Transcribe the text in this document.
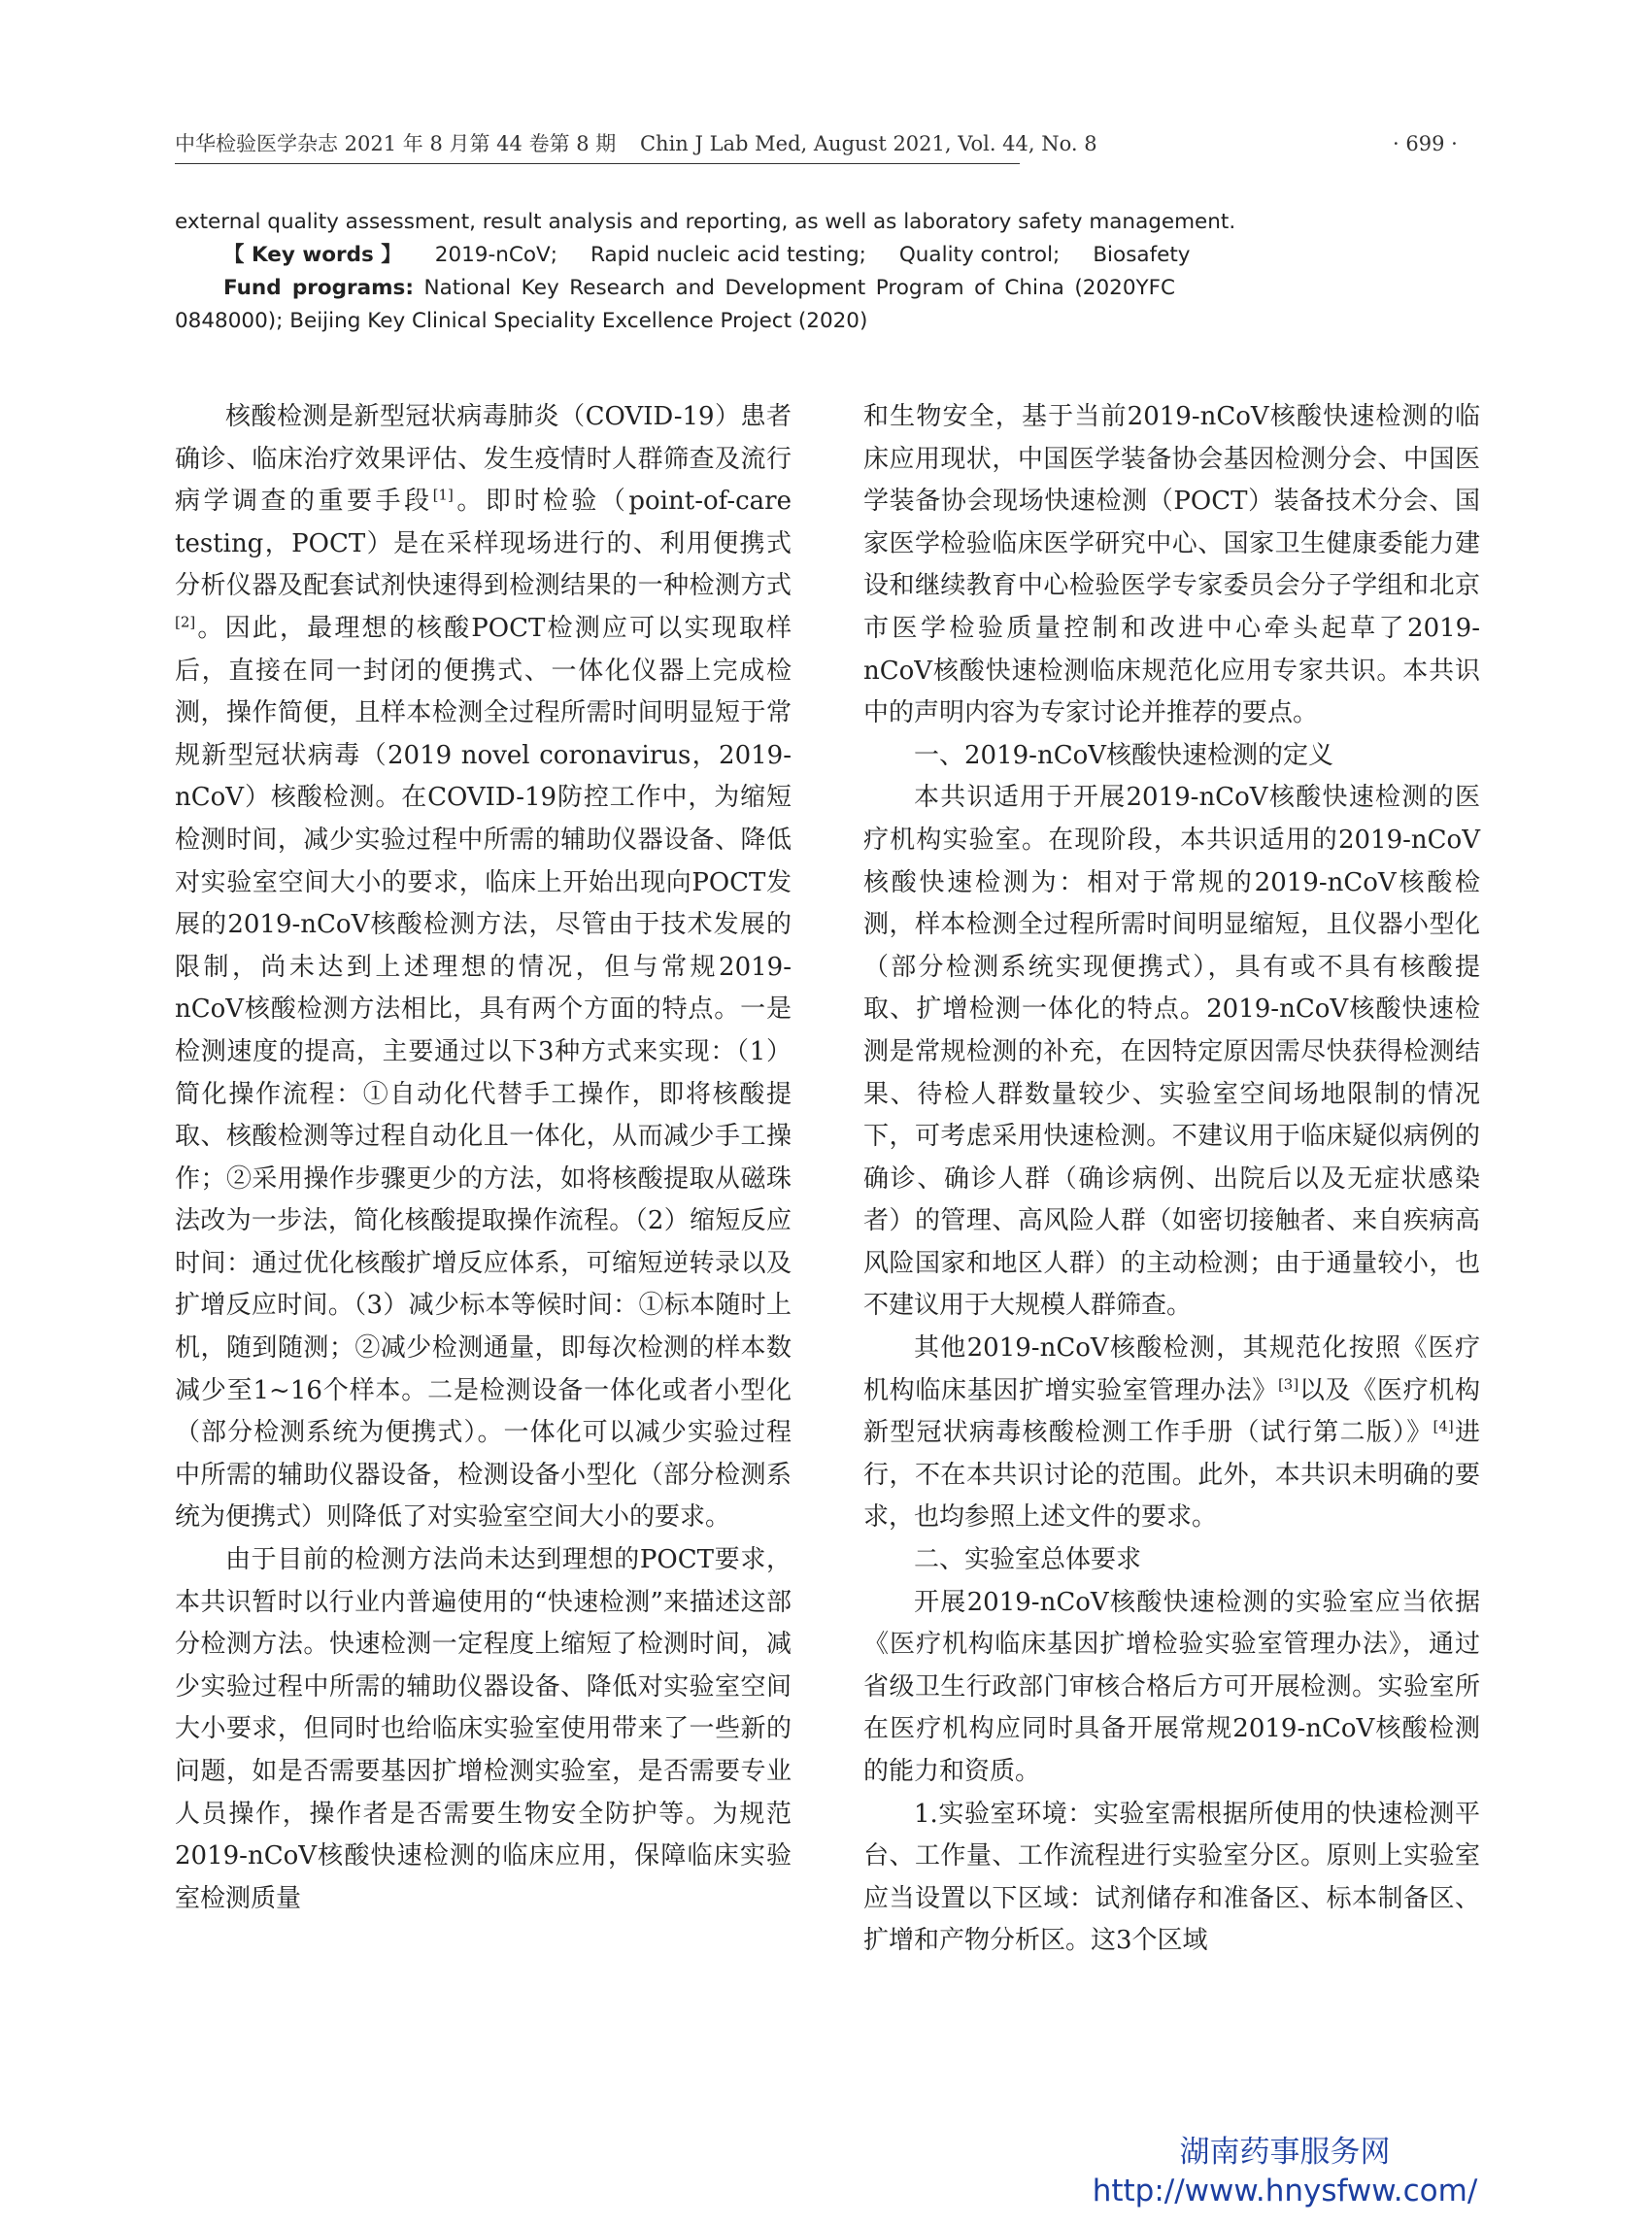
中华检验医学杂志 2021 年 8 月第 44 卷第 8 期 Chin J Lab Med, August 2021, Vol. 44, No. 8	· 699 ·

external quality assessment, result analysis and reporting, as well as laboratory safety management.

【 Key words 】 2019-nCoV; Rapid nucleic acid testing; Quality control; Biosafety

Fund programs: National Key Research and Development Program of China (2020YFC 0848000); Beijing Key Clinical Speciality Excellence Project (2020)

核酸检测是新型冠状病毒肺炎（COVID-19）患者确诊、临床治疗效果评估、发生疫情时人群筛查及流行病学调查的重要手段[1]。即时检验（point-of-care testing，POCT）是在采样现场进行的、利用便携式分析仪器及配套试剂快速得到检测结果的一种检测方式[2]。因此，最理想的核酸POCT检测应可以实现取样后，直接在同一封闭的便携式、一体化仪器上完成检测，操作简便，且样本检测全过程所需时间明显短于常规新型冠状病毒（2019 novel coronavirus，2019-nCoV）核酸检测。在COVID-19防控工作中，为缩短检测时间，减少实验过程中所需的辅助仪器设备、降低对实验室空间大小的要求，临床上开始出现向POCT发展的2019-nCoV核酸检测方法，尽管由于技术发展的限制，尚未达到上述理想的情况，但与常规2019-nCoV核酸检测方法相比，具有两个方面的特点。一是检测速度的提高，主要通过以下3种方式来实现：（1）简化操作流程：①自动化代替手工操作，即将核酸提取、核酸检测等过程自动化且一体化，从而减少手工操作；②采用操作步骤更少的方法，如将核酸提取从磁珠法改为一步法，简化核酸提取操作流程。（2）缩短反应时间：通过优化核酸扩增反应体系，可缩短逆转录以及扩增反应时间。（3）减少标本等候时间：①标本随时上机，随到随测；②减少检测通量，即每次检测的样本数减少至1~16个样本。二是检测设备一体化或者小型化（部分检测系统为便携式）。一体化可以减少实验过程中所需的辅助仪器设备，检测设备小型化（部分检测系统为便携式）则降低了对实验室空间大小的要求。

由于目前的检测方法尚未达到理想的POCT要求，本共识暂时以行业内普遍使用的“快速检测”来描述这部分检测方法。快速检测一定程度上缩短了检测时间，减少实验过程中所需的辅助仪器设备、降低对实验室空间大小要求，但同时也给临床实验室使用带来了一些新的问题，如是否需要基因扩增检测实验室，是否需要专业人员操作，操作者是否需要生物安全防护等。为规范2019-nCoV核酸快速检测的临床应用，保障临床实验室检测质量

和生物安全，基于当前2019-nCoV核酸快速检测的临床应用现状，中国医学装备协会基因检测分会、中国医学装备协会现场快速检测（POCT）装备技术分会、国家医学检验临床医学研究中心、国家卫生健康委能力建设和继续教育中心检验医学专家委员会分子学组和北京市医学检验质量控制和改进中心牵头起草了2019-nCoV核酸快速检测临床规范化应用专家共识。本共识中的声明内容为专家讨论并推荐的要点。

一、2019-nCoV核酸快速检测的定义

本共识适用于开展2019-nCoV核酸快速检测的医疗机构实验室。在现阶段，本共识适用的2019-nCoV核酸快速检测为：相对于常规的2019-nCoV核酸检测，样本检测全过程所需时间明显缩短，且仪器小型化（部分检测系统实现便携式），具有或不具有核酸提取、扩增检测一体化的特点。2019-nCoV核酸快速检测是常规检测的补充，在因特定原因需尽快获得检测结果、待检人群数量较少、实验室空间场地限制的情况下，可考虑采用快速检测。不建议用于临床疑似病例的确诊、确诊人群（确诊病例、出院后以及无症状感染者）的管理、高风险人群（如密切接触者、来自疾病高风险国家和地区人群）的主动检测；由于通量较小，也不建议用于大规模人群筛查。

其他2019-nCoV核酸检测，其规范化按照《医疗机构临床基因扩增实验室管理办法》[3]以及《医疗机构新型冠状病毒核酸检测工作手册（试行第二版）》[4]进行，不在本共识讨论的范围。此外，本共识未明确的要求，也均参照上述文件的要求。

二、实验室总体要求

开展2019-nCoV核酸快速检测的实验室应当依据《医疗机构临床基因扩增检验实验室管理办法》，通过省级卫生行政部门审核合格后方可开展检测。实验室所在医疗机构应同时具备开展常规2019-nCoV核酸检测的能力和资质。

1.实验室环境：实验室需根据所使用的快速检测平台、工作量、工作流程进行实验室分区。原则上实验室应当设置以下区域：试剂储存和准备区、标本制备区、扩增和产物分析区。这3个区域

湖南药事服务网
http://www.hnysfww.com/
